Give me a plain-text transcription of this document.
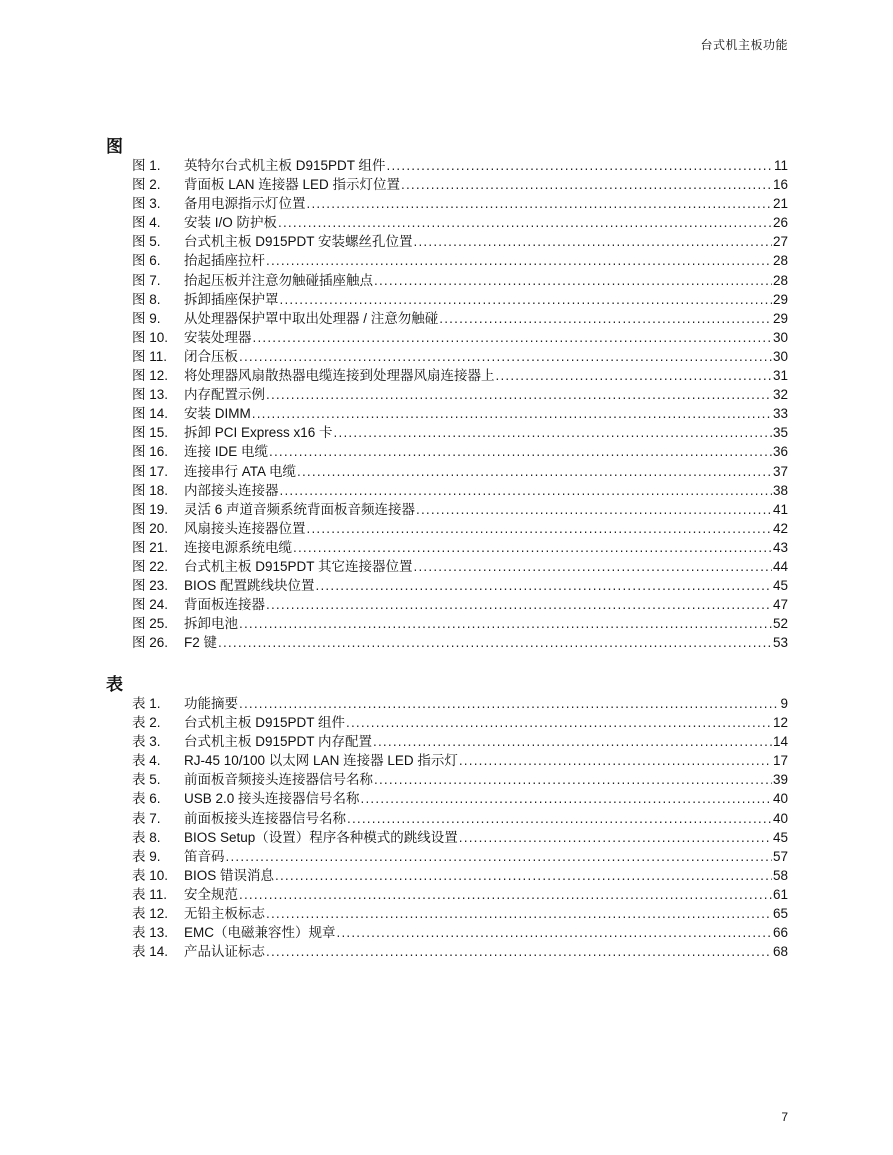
台式机主板功能
图
图 1.	英特尔台式机主板 D915PDT 组件 .....	11
图 2.	背面板 LAN 连接器 LED 指示灯位置 .....	16
图 3.	备用电源指示灯位置 .....	21
图 4.	安装 I/O 防护板 .....	26
图 5.	台式机主板 D915PDT 安装螺丝孔位置 .....	27
图 6.	抬起插座拉杆 .....	28
图 7.	抬起压板并注意勿触碰插座触点 .....	28
图 8.	拆卸插座保护罩 .....	29
图 9.	从处理器保护罩中取出处理器 / 注意勿触碰 .....	29
图 10.	安装处理器 .....	30
图 11.	闭合压板 .....	30
图 12.	将处理器风扇散热器电缆连接到处理器风扇连接器上 .....	31
图 13.	内存配置示例 .....	32
图 14.	安装 DIMM .....	33
图 15.	拆卸 PCI Express x16 卡 .....	35
图 16.	连接 IDE 电缆 .....	36
图 17.	连接串行 ATA 电缆 .....	37
图 18.	内部接头连接器 .....	38
图 19.	灵活 6 声道音频系统背面板音频连接器 .....	41
图 20.	风扇接头连接器位置 .....	42
图 21.	连接电源系统电缆 .....	43
图 22.	台式机主板 D915PDT 其它连接器位置 .....	44
图 23.	BIOS 配置跳线块位置 .....	45
图 24.	背面板连接器 .....	47
图 25.	拆卸电池 .....	52
图 26.	F2 键 .....	53
表
表 1.	功能摘要 .....	9
表 2.	台式机主板 D915PDT 组件 .....	12
表 3.	台式机主板 D915PDT 内存配置 .....	14
表 4.	RJ-45 10/100 以太网 LAN 连接器 LED 指示灯 .....	17
表 5.	前面板音频接头连接器信号名称 .....	39
表 6.	USB 2.0 接头连接器信号名称 .....	40
表 7.	前面板接头连接器信号名称 .....	40
表 8.	BIOS Setup（设置）程序各种模式的跳线设置 .....	45
表 9.	笛音码 .....	57
表 10.	BIOS 错误消息 .....	58
表 11.	安全规范 .....	61
表 12.	无铅主板标志 .....	65
表 13.	EMC（电磁兼容性）规章 .....	66
表 14.	产品认证标志 .....	68
7
